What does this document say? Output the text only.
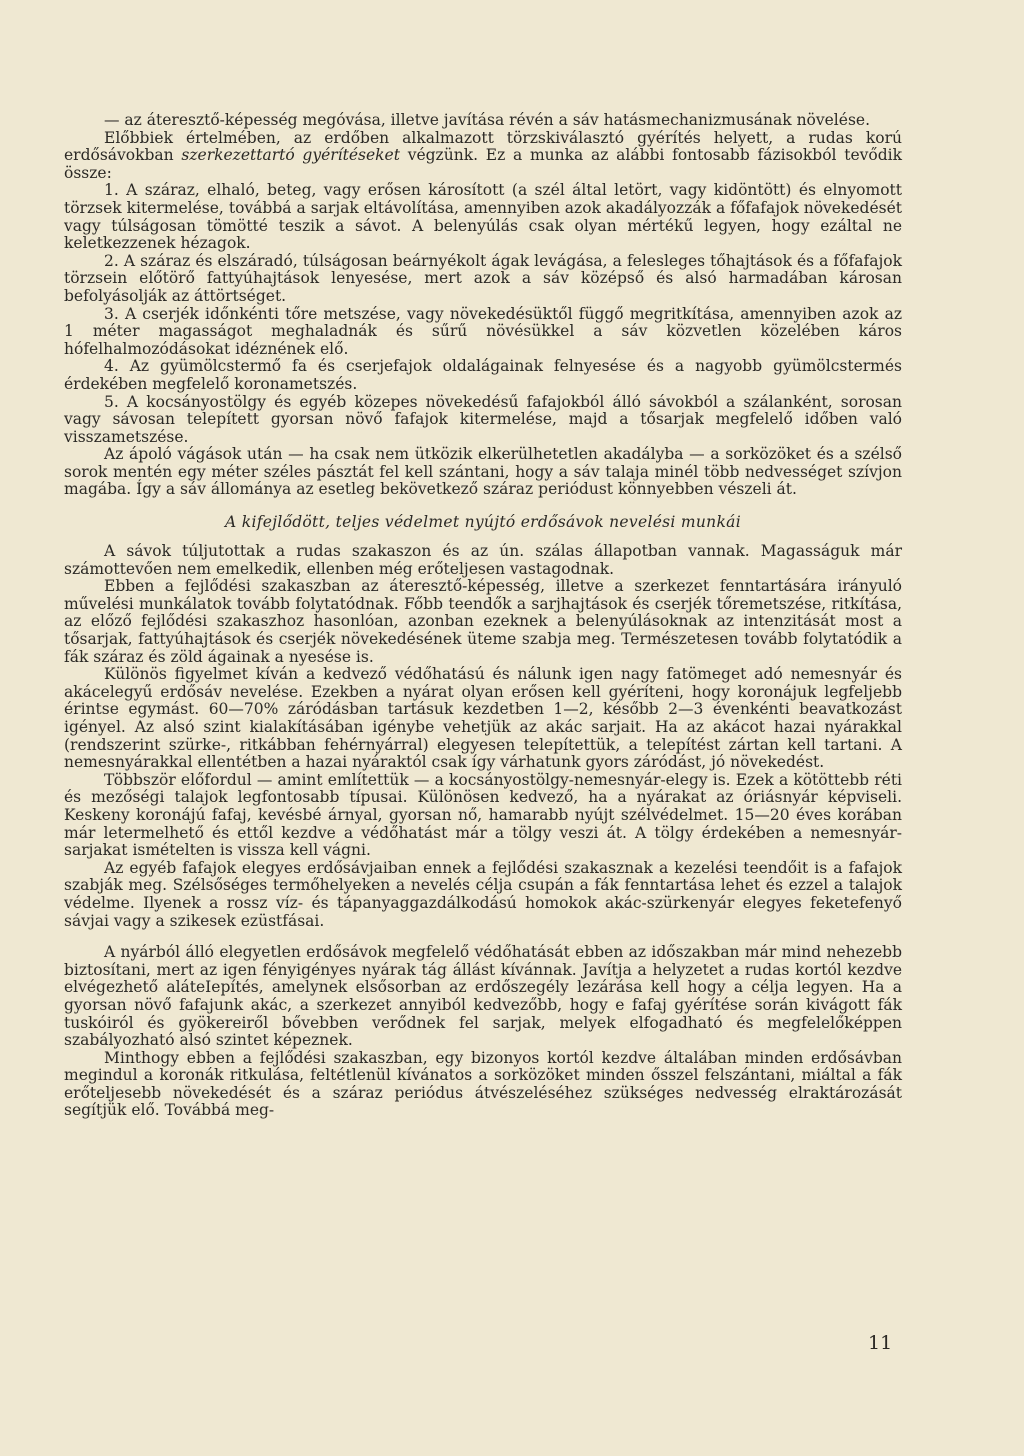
— az áteresztő-képesség megóvása, illetve javítása révén a sáv hatásmechanizmusának növelése.

Előbbiek értelmében, az erdőben alkalmazott törzskiválasztó gyérítés helyett, a rudas korú erdősávokban szerkezettartó gyérítéseket végzünk. Ez a munka az alábbi fontosabb fázisokból tevődik össze:

1. A száraz, elhaló, beteg, vagy erősen károsított (a szél által letört, vagy kidöntött) és elnyomott törzsek kitermelése, továbbá a sarjak eltávolítása, amennyiben azok akadályozzák a főfafajok növekedését vagy túlságosan tömötté teszik a sávot. A belenyúlás csak olyan mértékű legyen, hogy ezáltal ne keletkezzenek hézagok.

2. A száraz és elszáradó, túlságosan beárnyékolt ágak levágása, a felesleges tőhajtások és a főfafajok törzsein előtörő fattyúhajtások lenyesése, mert azok a sáv középső és alsó harmadában károsan befolyásolják az áttörtséget.

3. A cserjék időnkénti tőre metszése, vagy növekedésüktől függő megritkítása, amennyiben azok az 1 méter magasságot meghaladnák és sűrű növésükkel a sáv közvetlen közelében káros hófelhalmozódásokat idéznének elő.

4. Az gyümölcstermő fa és cserjefajok oldalágainak felnyesése és a nagyobb gyümölcstermés érdekében megfelelő koronametszés.

5. A kocsányostölgy és egyéb közepes növekedésű fafajokból álló sávokból a szálanként, sorosan vagy sávosan telepített gyorsan növő fafajok kitermelése, majd a tősarjak megfelelő időben való visszametszése.

Az ápoló vágások után — ha csak nem ütközik elkerülhetetlen akadályba — a sorközöket és a szélső sorok mentén egy méter széles pásztát fel kell szántani, hogy a sáv talaja minél több nedvességet szívjon magába. Így a sáv állománya az esetleg bekövetkező száraz periódust könnyebben vészeli át.

A kifejlődött, teljes védelmet nyújtó erdősávok nevelési munkái

A sávok túljutottak a rudas szakaszon és az ún. szálas állapotban vannak. Magasságuk már számottevően nem emelkedik, ellenben még erőteljesen vastagodnak.

Ebben a fejlődési szakaszban az áteresztő-képesség, illetve a szerkezet fenntartására irányuló művelési munkálatok tovább folytatódnak. Főbb teendők a sarjhajtások és cserjék tőremetszése, ritkítása, az előző fejlődési szakaszhoz hasonlóan, azonban ezeknek a belenyúlásoknak az intenzitását most a tősarjak, fattyúhajtások és cserjék növekedésének üteme szabja meg. Természetesen tovább folytatódik a fák száraz és zöld ágainak a nyesése is.

Különös figyelmet kíván a kedvező védőhatású és nálunk igen nagy fatömeget adó nemesnyár és akácelegyű erdősáv nevelése. Ezekben a nyárat olyan erősen kell gyéríteni, hogy koronájuk legfeljebb érintse egymást. 60—70% záródásban tartásuk kezdetben 1—2, később 2—3 évenkénti beavatkozást igényel. Az alsó szint kialakításában igénybe vehetjük az akác sarjait. Ha az akácot hazai nyárakkal (rendszerint szürke-, ritkábban fehérnyárral) elegyesen telepítettük, a telepítést zártan kell tartani. A nemesnyárakkal ellentétben a hazai nyáraktól csak így várhatunk gyors záródást, jó növekedést.

Többször előfordul — amint említettük — a kocsányostölgy-nemesnyár-elegy is. Ezek a kötöttebb réti és mezőségi talajok legfontosabb típusai. Különösen kedvező, ha a nyárakat az óriásnyár képviseli. Keskeny koronájú fafaj, kevésbé árnyal, gyorsan nő, hamarabb nyújt szélvédelmet. 15—20 éves korában már letermelhető és ettől kezdve a védőhatást már a tölgy veszi át. A tölgy érdekében a nemesnyár-sarjakat ismételten is vissza kell vágni.

Az egyéb fafajok elegyes erdősávjaiban ennek a fejlődési szakasznak a kezelési teendőit is a fafajok szabják meg. Szélsőséges termőhelyeken a nevelés célja csupán a fák fenntartása lehet és ezzel a talajok védelme. Ilyenek a rossz víz- és tápanyaggazdálkodású homokok akác-szürkenyár elegyes feketefenyő sávjai vagy a szikesek ezüstfásai.

A nyárból álló elegyetlen erdősávok megfelelő védőhatását ebben az időszakban már mind nehezebb biztosítani, mert az igen fényigényes nyárak tág állást kívánnak. Javítja a helyzetet a rudas kortól kezdve elvégezhető aláteIepítés, amelynek elsősorban az erdőszegély lezárása kell hogy a célja legyen. Ha a gyorsan növő fafajunk akác, a szerkezet annyiból kedvezőbb, hogy e fafaj gyérítése során kivágott fák tuskóiról és gyökereiről bővebben verődnek fel sarjak, melyek elfogadható és megfelelőképpen szabályozható alsó szintet képeznek.

Minthogy ebben a fejlődési szakaszban, egy bizonyos kortól kezdve általában minden erdősávban megindul a koronák ritkulása, feltétlenül kívánatos a sorközöket minden ősszel felszántani, miáltal a fák erőteljesebb növekedését és a száraz periódus átvészeléséhez szükséges nedvesség elraktározását segítjük elő. Továbbá meg-

11
